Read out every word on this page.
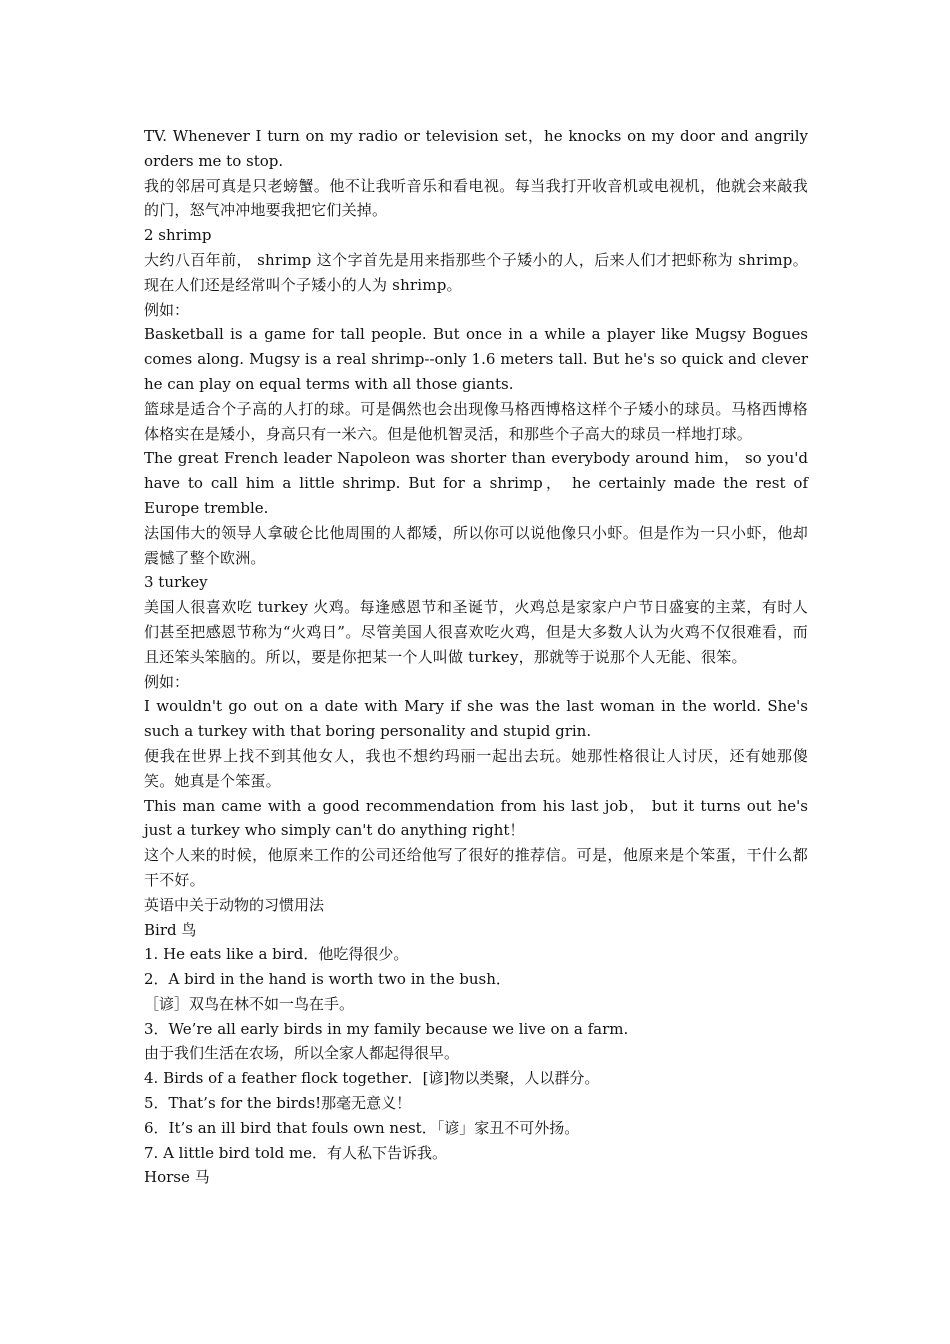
TV. Whenever I turn on my radio or television set，he knocks on my door and angrily orders me to stop.
我的邻居可真是只老螃蟹。他不让我听音乐和看电视。每当我打开收音机或电视机，他就会来敲我的门，怒气冲冲地要我把它们关掉。
2 shrimp
大约八百年前， shrimp 这个字首先是用来指那些个子矮小的人，后来人们才把虾称为 shrimp。现在人们还是经常叫个子矮小的人为 shrimp。
例如：
Basketball is a game for tall people. But once in a while a player like Mugsy Bogues comes along. Mugsy is a real shrimp--only 1.6 meters tall. But he's so quick and clever he can play on equal terms with all those giants.
篮球是适合个子高的人打的球。可是偶然也会出现像马格西博格这样个子矮小的球员。马格西博格体格实在是矮小，身高只有一米六。但是他机智灵活，和那些个子高大的球员一样地打球。
The great French leader Napoleon was shorter than everybody around him， so you'd have to call him a little shrimp. But for a shrimp， he certainly made the rest of Europe tremble.
法国伟大的领导人拿破仑比他周围的人都矮，所以你可以说他像只小虾。但是作为一只小虾，他却震憾了整个欧洲。
3 turkey
美国人很喜欢吃 turkey 火鸡。每逢感恩节和圣诞节，火鸡总是家家户户节日盛宴的主菜，有时人们甚至把感恩节称为“火鸡日”。尽管美国人很喜欢吃火鸡，但是大多数人认为火鸡不仅很难看，而且还笨头笨脑的。所以，要是你把某一个人叫做 turkey，那就等于说那个人无能、很笨。
例如：
I wouldn't go out on a date with Mary if she was the last woman in the world. She's such a turkey with that boring personality and stupid grin.
便我在世界上找不到其他女人，我也不想约玛丽一起出去玩。她那性格很让人讨厌，还有她那傻笑。她真是个笨蛋。
This man came with a good recommendation from his last job， but it turns out he's just a turkey who simply can't do anything right！
这个人来的时候，他原来工作的公司还给他写了很好的推荐信。可是，他原来是个笨蛋，干什么都干不好。
英语中关于动物的习惯用法
Bird 鸟
1. He eats like a bird．他吃得很少。
2．A bird in the hand is worth two in the bush．
［谚］双鸟在林不如一鸟在手。
3．We’re all early birds in my family because we live on a farm.
由于我们生活在农场，所以全家人都起得很早。
4. Birds of a feather flock together．[谚]物以类聚，人以群分。
5．That’s for the birds!那毫无意义！
6．It’s an ill bird that fouls own nest．「谚」家丑不可外扬。
7. A little bird told me．有人私下告诉我。
Horse 马
